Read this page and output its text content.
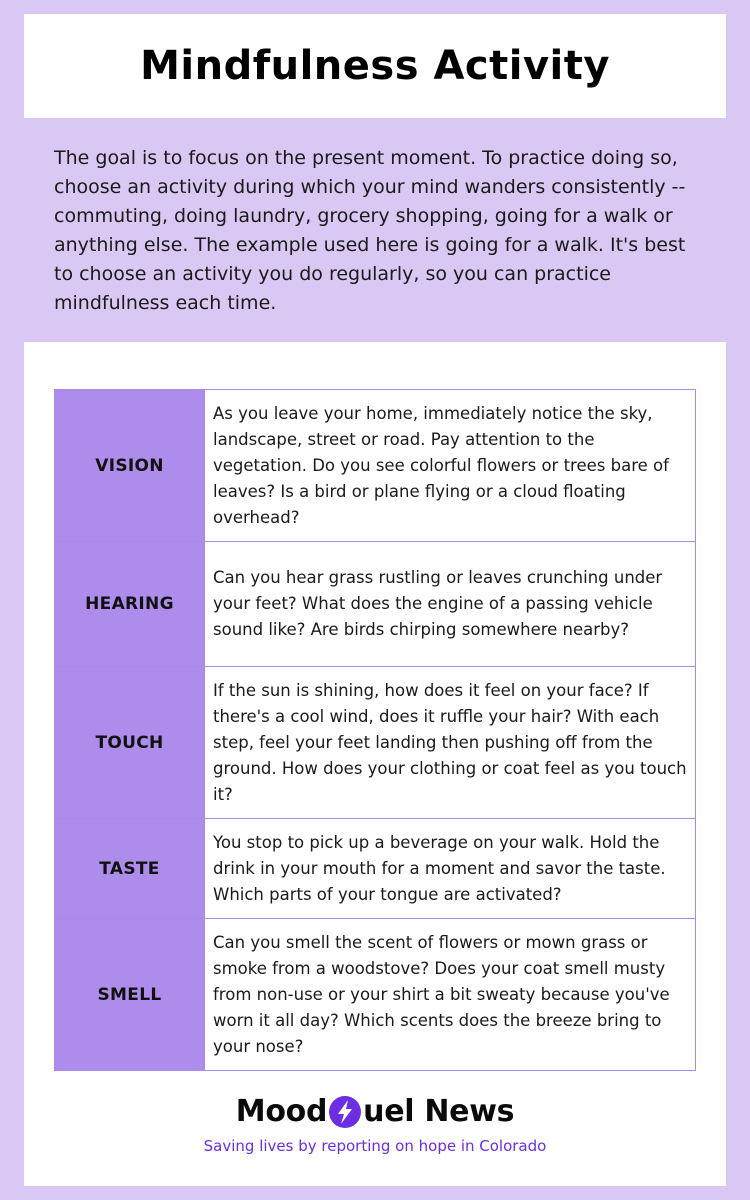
Mindfulness Activity

The goal is to focus on the present moment. To practice doing so, choose an activity during which your mind wanders consistently -- commuting, doing laundry, grocery shopping, going for a walk or anything else. The example used here is going for a walk. It's best to choose an activity you do regularly, so you can practice mindfulness each time.

VISION	As you leave your home, immediately notice the sky, landscape, street or road. Pay attention to the vegetation. Do you see colorful flowers or trees bare of leaves? Is a bird or plane flying or a cloud floating overhead?
HEARING	Can you hear grass rustling or leaves crunching under your feet? What does the engine of a passing vehicle sound like? Are birds chirping somewhere nearby?
TOUCH	If the sun is shining, how does it feel on your face? If there's a cool wind, does it ruffle your hair? With each step, feel your feet landing then pushing off from the ground. How does your clothing or coat feel as you touch it?
TASTE	You stop to pick up a beverage on your walk. Hold the drink in your mouth for a moment and savor the taste. Which parts of your tongue are activated?
SMELL	Can you smell the scent of flowers or mown grass or smoke from a woodstove? Does your coat smell musty from non-use or your shirt a bit sweaty because you've worn it all day? Which scents does the breeze bring to your nose?
Mood uel News
Saving lives by reporting on hope in Colorado
